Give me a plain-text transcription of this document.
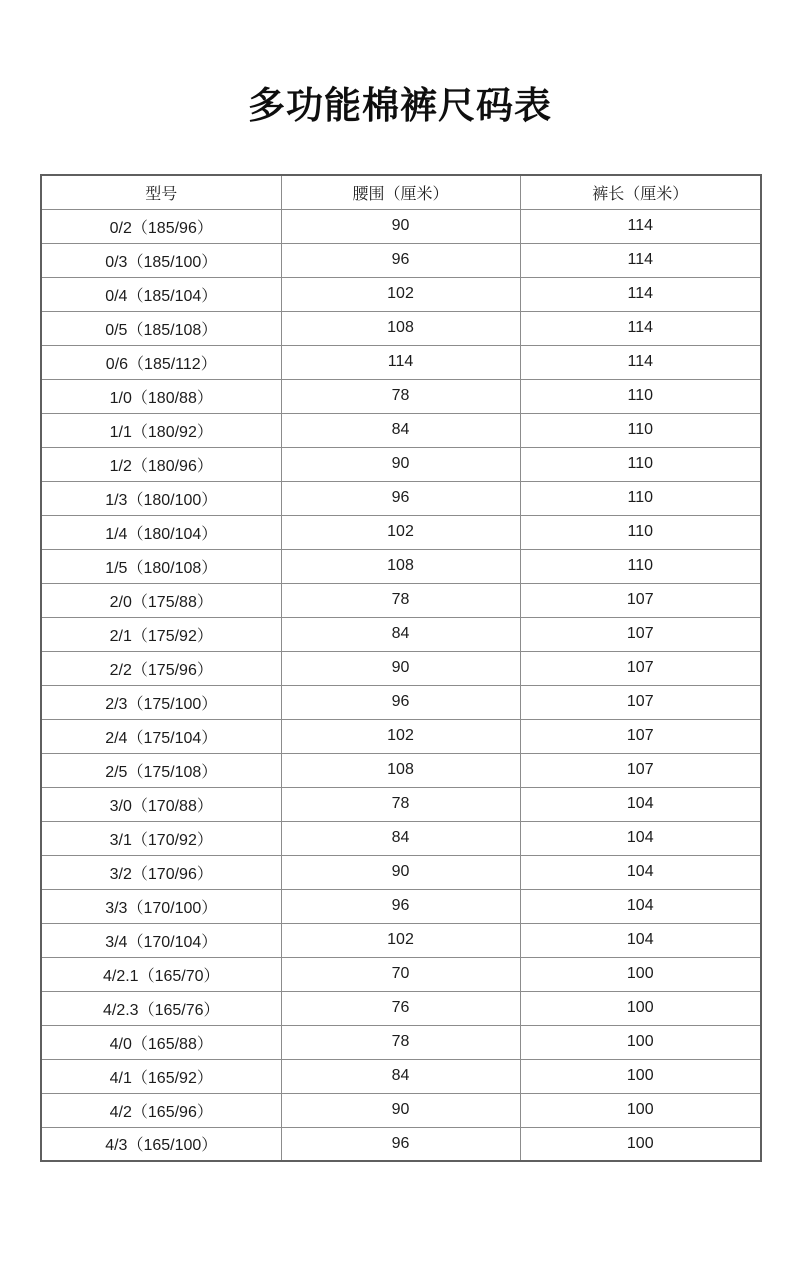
多功能棉裤尺码表
型号	腰围（厘米）	裤长（厘米）
0/2（185/96）	90	114
0/3（185/100）	96	114
0/4（185/104）	102	114
0/5（185/108）	108	114
0/6（185/112）	114	114
1/0（180/88）	78	110
1/1（180/92）	84	110
1/2（180/96）	90	110
1/3（180/100）	96	110
1/4（180/104）	102	110
1/5（180/108）	108	110
2/0（175/88）	78	107
2/1（175/92）	84	107
2/2（175/96）	90	107
2/3（175/100）	96	107
2/4（175/104）	102	107
2/5（175/108）	108	107
3/0（170/88）	78	104
3/1（170/92）	84	104
3/2（170/96）	90	104
3/3（170/100）	96	104
3/4（170/104）	102	104
4/2.1（165/70）	70	100
4/2.3（165/76）	76	100
4/0（165/88）	78	100
4/1（165/92）	84	100
4/2（165/96）	90	100
4/3（165/100）	96	100
